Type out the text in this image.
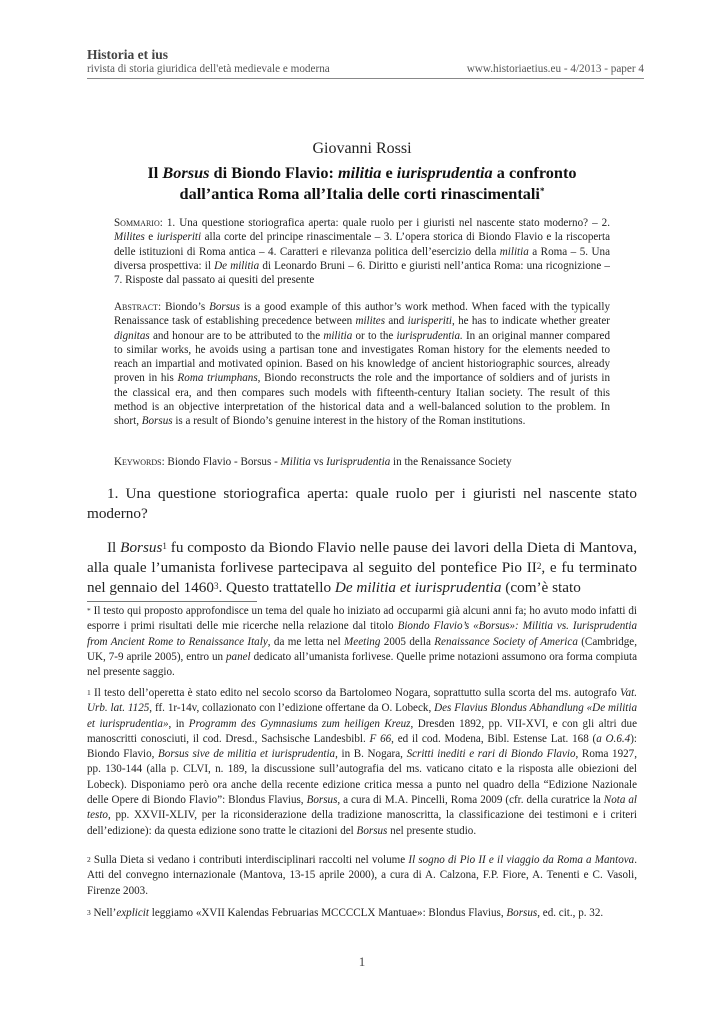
Historia et ius
rivista di storia giuridica dell'età medievale e moderna	www.historiaetius.eu - 4/2013 - paper 4
Giovanni Rossi
Il Borsus di Biondo Flavio: militia e iurisprudentia a confronto
dall’antica Roma all’Italia delle corti rinascimentali*
Sommario: 1. Una questione storiografica aperta: quale ruolo per i giuristi nel nascente stato moderno? – 2. Milites e iurisperiti alla corte del principe rinascimentale – 3. L’opera storica di Biondo Flavio e la riscoperta delle istituzioni di Roma antica – 4. Caratteri e rilevanza politica dell’esercizio della militia a Roma – 5. Una diversa prospettiva: il De militia di Leonardo Bruni – 6. Diritto e giuristi nell’antica Roma: una ricognizione – 7. Risposte dal passato ai quesiti del presente
Abstract: Biondo’s Borsus is a good example of this author’s work method. When faced with the typically Renaissance task of establishing precedence between milites and iurisperiti, he has to indicate whether greater dignitas and honour are to be attributed to the militia or to the iurisprudentia. In an original manner compared to similar works, he avoids using a partisan tone and investigates Roman history for the elements needed to reach an impartial and motivated opinion. Based on his knowledge of ancient historiographic sources, already proven in his Roma triumphans, Biondo reconstructs the role and the importance of soldiers and of jurists in the classical era, and then compares such models with fifteenth-century Italian society. The result of this method is an objective interpretation of the historical data and a well-balanced solution to the problem. In short, Borsus is a result of Biondo’s genuine interest in the history of the Roman institutions.
Keywords: Biondo Flavio - Borsus - Militia vs Iurisprudentia in the Renaissance Society
1. Una questione storiografica aperta: quale ruolo per i giuristi nel nascente stato moderno?
Il Borsus$^1$ fu composto da Biondo Flavio nelle pause dei lavori della Dieta di Mantova, alla quale l’umanista forlivese partecipava al seguito del pontefice Pio $II^2$, e fu terminato nel gennaio del 1460$^3$. Questo trattatello De militia et iurisprudentia (com’è stato
* Il testo qui proposto approfondisce un tema del quale ho iniziato ad occuparmi già alcuni anni fa; ho avuto modo infatti di esporre i primi risultati delle mie ricerche nella relazione dal titolo Biondo Flavio’s «Borsus»: Militia vs. Iurisprudentia from Ancient Rome to Renaissance Italy, da me letta nel Meeting 2005 della Renaissance Society of America (Cambridge, UK, 7-9 aprile 2005), entro un panel dedicato all’umanista forlivese. Quelle prime notazioni assumono ora forma compiuta nel presente saggio.
$^1$ Il testo dell’operetta è stato edito nel secolo scorso da Bartolomeo Nogara, soprattutto sulla scorta del ms. autografo Vat. Urb. lat. 1125, ff. 1r-14v, collazionato con l’edizione offertane da O. Lobeck, Des Flavius Blondus Abhandlung «De militia et iurisprudentia», in Programm des Gymnasiums zum heiligen Kreuz, Dresden 1892, pp. VII-XVI, e con gli altri due manoscritti conosciuti, il cod. Dresd., Sachsische Landesbibl. F 66, ed il cod. Modena, Bibl. Estense Lat. 168 (a O.6.4): Biondo Flavio, Borsus sive de militia et iurisprudentia, in B. Nogara, Scritti inediti e rari di Biondo Flavio, Roma 1927, pp. 130-144 (alla p. CLVI, n. 189, la discussione sull’autografia del ms. vaticano citato e la risposta alle obiezioni del Lobeck). Disponiamo però ora anche della recente edizione critica messa a punto nel quadro della “Edizione Nazionale delle Opere di Biondo Flavio”: Blondus Flavius, Borsus, a cura di M.A. Pincelli, Roma 2009 (cfr. della curatrice la Nota al testo, pp. XXVII-XLIV, per la riconsiderazione della tradizione manoscritta, la classificazione dei testimoni e i criteri dell’edizione): da questa edizione sono tratte le citazioni del Borsus nel presente studio.
$^2$ Sulla Dieta si vedano i contributi interdisciplinari raccolti nel volume Il sogno di Pio II e il viaggio da Roma a Mantova. Atti del convegno internazionale (Mantova, 13-15 aprile 2000), a cura di A. Calzona, F.P. Fiore, A. Tenenti e C. Vasoli, Firenze 2003.
$^3$ Nell’explicit leggiamo «XVII Kalendas Februarias MCCCCLX Mantuae»: Blondus Flavius, Borsus, ed. cit., p. 32.
1
